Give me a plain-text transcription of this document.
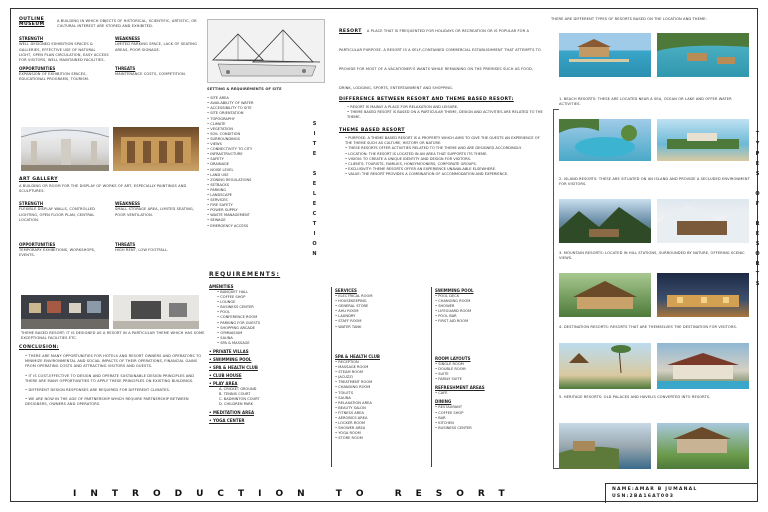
OUTLINE
MUSEUM
A BUILDING IN WHICH OBJECTS OF HISTORICAL, SCIENTIFIC, ARTISTIC, OR CULTURAL INTEREST ARE STORED AND EXHIBITED.
STRENGTH
WELL DESIGNED EXHIBITION SPACES & GALLERIES, EFFECTIVE USE OF NATURAL LIGHT, OPEN PLAN CIRCULATION, EASY ACCESS FOR VISITORS, WELL MAINTAINED FACILITIES.
WEAKNESS
LIMITED PARKING SPACE, LACK OF SEATING AREAS, POOR SIGNAGE.
OPPORTUNITIES
EXPANSION OF EXHIBITION SPACES, EDUCATIONAL PROGRAMS, TOURISM.
THREATS
MAINTENANCE COSTS, COMPETITION.
ART GALLERY
A BUILDING OR ROOM FOR THE DISPLAY OF WORKS OF ART, ESPECIALLY PAINTINGS AND SCULPTURES.
STRENGTH
FLEXIBLE DISPLAY WALLS, CONTROLLED LIGHTING, OPEN FLOOR PLAN, CENTRAL LOCATION.
WEAKNESS
SMALL STORAGE AREA, LIMITED SEATING, POOR VENTILATION.
OPPORTUNITIES
TEMPORARY EXHIBITIONS, WORKSHOPS, EVENTS.
THREATS
HIGH RENT, LOW FOOTFALL.
THEME BASED RESORT: IT IS DESIGNED AS A RESORT IN A PARTICULAR THEME WHICH HAS SOME EXCEPTIONAL FACILITIES ETC.
CONCLUSION:
• THERE ARE MANY OPPORTUNITIES FOR HOTELS AND RESORT OWNERS AND OPERATORS TO MINIMIZE ENVIRONMENTAL AND SOCIAL IMPACTS OF THEIR OPERATIONS, FINANCIAL GAINS FROM OPERATING COSTS AND ATTRACTING VISITORS AND GUESTS.
• IT IS COST-EFFECTIVE TO DESIGN AND OPERATE SUSTAINABLE DESIGN PRINCIPLES AND THERE ARE MANY OPPORTUNITIES TO APPLY THESE PRINCIPLES ON EXISTING BUILDINGS.
• DIFFERENT DESIGN RESPONSES ARE REQUIRED FOR DIFFERENT CLIMATES.
• WE ARE NOW IN THE AGE OF PARTNERSHIP WHICH REQUIRE PARTNERSHIP BETWEEN DESIGNERS, OWNERS AND OPERATORS.
SETTING & REQUIREMENTS OF SITE
• SITE AREA
• AVAILABILITY OF WATER
• ACCESSIBILITY TO SITE
• SITE ORIENTATION
• TOPOGRAPHY
• CLIMATE
• VEGETATION
• SOIL CONDITION
• SURROUNDINGS
• VIEWS
• CONNECTIVITY TO CITY
• INFRASTRUCTURE
• SAFETY
• DRAINAGE
• NOISE LEVEL
• LAND USE
• ZONING REGULATIONS
• SETBACKS
• PARKING
• LANDSCAPE
• SERVICES
• FIRE SAFETY
• POWER SUPPLY
• WASTE MANAGEMENT
• SEWAGE
• EMERGENCY ACCESS
S
I
T
E

S
E
L
E
C
T
I
O
N
REQUIREMENTS:
AMENITIES
• BANQUET HALL
• COFFEE SHOP
• LOUNGE
• BUSINESS CENTER
• POOL
• CONFERENCE ROOM
• PARKING FOR GUESTS
• SHOPPING ARCADE
• GYMNASIUM
• SAUNA
• SPA & MASSAGE
• PRIVATE VILLAS
• SWIMMING POOL
• SPA & HEALTH CLUB
• CLUB HOUSE
• PLAY AREA
A. CRICKET GROUND
B. TENNIS COURT
C. BADMINTON COURT
D. CHILDREN PARK
• MEDITATION AREA
• YOGA CENTER
RESORT A PLACE THAT IS FREQUENTED FOR HOLIDAYS OR RECREATION OR IS POPULAR FOR A PARTICULAR PURPOSE. A RESORT IS A SELF-CONTAINED COMMERCIAL ESTABLISHMENT THAT ATTEMPTS TO PROVIDE FOR MOST OF A VACATIONER'S WANTS WHILE REMAINING ON THE PREMISES SUCH AS FOOD, DRINK, LODGING, SPORTS, ENTERTAINMENT AND SHOPPING.
DIFFERENCE BETWEEN RESORT AND THEME BASED RESORT:
• RESORT IS MAINLY A PLACE FOR RELAXATION AND LEISURE.
• THEME BASED RESORT IS BASED ON A PARTICULAR THEME, DESIGN AND ACTIVITIES ARE RELATED TO THE THEME.
THEME BASED RESORT
• PURPOSE: A THEME BASED RESORT IS A PROPERTY WHICH AIMS TO GIVE THE GUESTS AN EXPERIENCE OF THE THEME SUCH AS CULTURE, HISTORY OR NATURE.
• THESE RESORTS OFFER ACTIVITIES RELATED TO THE THEME AND ARE DESIGNED ACCORDINGLY.
• LOCATION: THE RESORT IS LOCATED IN AN AREA THAT SUPPORTS ITS THEME.
• VISION: TO CREATE A UNIQUE IDENTITY AND DESIGN FOR VISITORS.
• CLIENTS: TOURISTS, FAMILIES, HONEYMOONERS, CORPORATE GROUPS.
• EXCLUSIVITY: THEME RESORTS OFFER AN EXPERIENCE UNAVAILABLE ELSEWHERE.
• VALUE: THE RESORT PROVIDES A COMBINATION OF ACCOMMODATION AND EXPERIENCE.
SERVICES
• ELECTRICAL ROOM
• HOUSEKEEPING
• GENERAL STORE
• AHU ROOM
• LAUNDRY
• STAFF ROOM
• WATER TANK
SPA & HEALTH CLUB
• RECEPTION
• MASSAGE ROOM
• STEAM ROOM
• JACUZZI
• TREATMENT ROOM
• CHANGING ROOM
• TOILETS
• SAUNA
• RELAXATION AREA
• BEAUTY SALON
• FITNESS AREA
• AEROBICS AREA
• LOCKER ROOM
• SHOWER AREA
• YOGA ROOM
• STORE ROOM
SWIMMING POOL
• POOL DECK
• CHANGING ROOM
• SHOWER
• LIFEGUARD ROOM
• POOL BAR
• FIRST AID ROOM
ROOM LAYOUTS
• SINGLE ROOM
• DOUBLE ROOM
• SUITE
• FAMILY SUITE
REFRESHMENT AREAS
• CAFE
DINING
• RESTAURANT
• COFFEE SHOP
• BAR
• KITCHEN
• BUSINESS CENTER
THERE ARE DIFFERENT TYPES OF RESORTS BASED ON THE LOCATION AND THEME:
1. BEACH RESORTS: THESE ARE LOCATED NEAR A SEA, OCEAN OR LAKE AND OFFER WATER ACTIVITIES.
2. ISLAND RESORTS: THESE ARE SITUATED ON AN ISLAND AND PROVIDE A SECLUDED ENVIRONMENT FOR VISITORS.
3. MOUNTAIN RESORTS: LOCATED IN HILL STATIONS, SURROUNDED BY NATURE, OFFERING SCENIC VIEWS.
4. DESTINATION RESORTS: RESORTS THAT ARE THEMSELVES THE DESTINATION FOR VISITORS.
5. HERITAGE RESORTS: OLD PALACES AND HAVELIS CONVERTED INTO RESORTS.
T
Y
P
E
S

O
F

R
E
S
O
R
T
S
INTRODUCTION TO RESORT	NAME:AMAR B JUMANAL
USN:2BA16AT003
